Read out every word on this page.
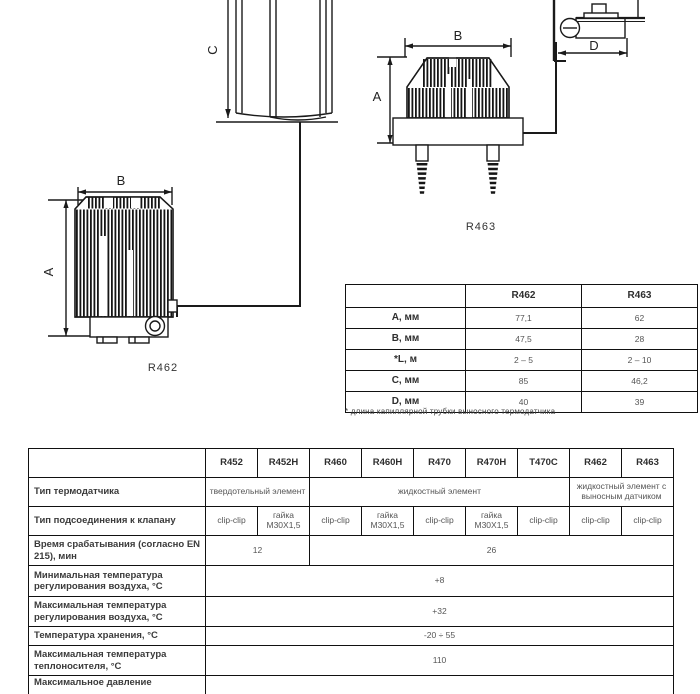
C
B
A
R462
B
A
D
R463
	R462	R463
A, мм	77,1	62
B, мм	47,5	28
*L, м	2 – 5	2 – 10
C, мм	85	46,2
D, мм	40	39
* длина капиллярной трубки выносного термодатчика
	R452	R452H	R460	R460H	R470	R470H	T470C	R462	R463
Тип термодатчика	твердотельный элемент		жидкостный элемент					жидкостный элемент с выносным датчиком	
Тип подсоединения к клапану	clip-clip	гайка M30X1,5	clip-clip	гайка M30X1,5	clip-clip	гайка M30X1,5	clip-clip	clip-clip	clip-clip
Время срабатывания (согласно EN 215), мин	12		26						
Минимальная температура регулирования воздуха, °C	+8								
Максимальная температура регулирования воздуха, °C	+32								
Температура хранения, °C	-20 ÷ 55								
Максимальная температура теплоносителя, °C	110								
Максимальное давление									
